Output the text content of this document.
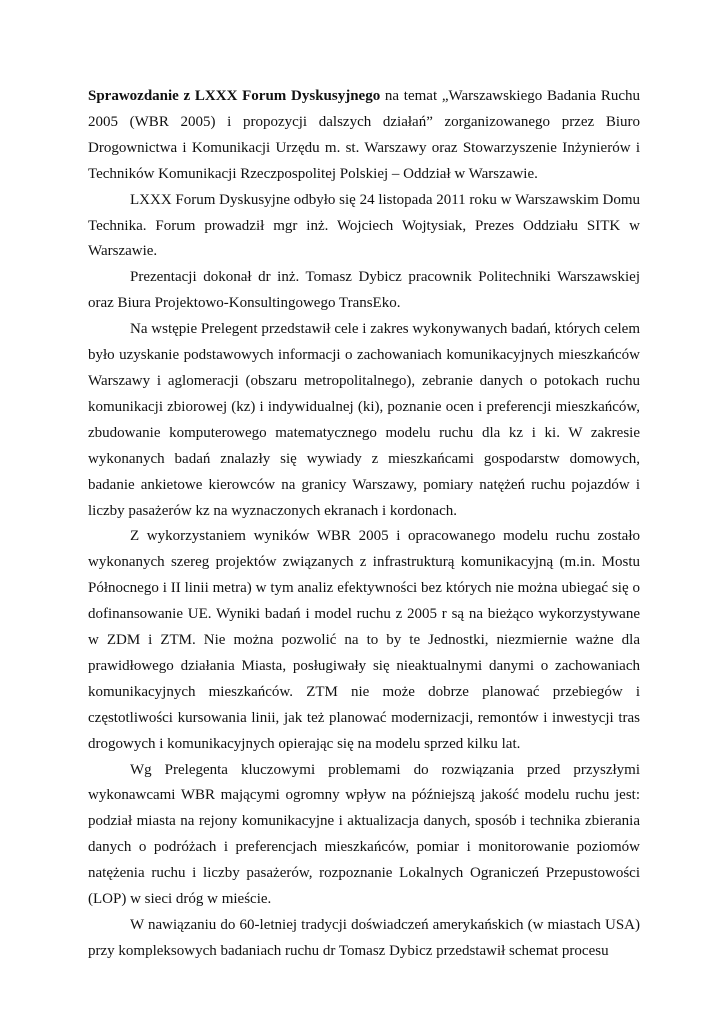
Sprawozdanie z LXXX Forum Dyskusyjnego na temat „Warszawskiego Badania Ruchu 2005 (WBR 2005) i propozycji dalszych działań” zorganizowanego przez Biuro Drogownictwa i Komunikacji Urzędu m. st. Warszawy oraz Stowarzyszenie Inżynierów i Techników Komunikacji Rzeczpospolitej Polskiej – Oddział w Warszawie.

LXXX Forum Dyskusyjne odbyło się 24 listopada 2011 roku w Warszawskim Domu Technika. Forum prowadził mgr inż. Wojciech Wojtysiak, Prezes Oddziału SITK w Warszawie.

Prezentacji dokonał dr inż. Tomasz Dybicz pracownik Politechniki Warszawskiej oraz Biura Projektowo-Konsultingowego TransEko.

Na wstępie Prelegent przedstawił cele i zakres wykonywanych badań, których celem było uzyskanie podstawowych informacji o zachowaniach komunikacyjnych mieszkańców Warszawy i aglomeracji (obszaru metropolitalnego), zebranie danych o potokach ruchu komunikacji zbiorowej (kz) i indywidualnej (ki), poznanie ocen i preferencji mieszkańców, zbudowanie komputerowego matematycznego modelu ruchu dla kz i ki. W zakresie wykonanych badań znalazły się wywiady z mieszkańcami gospodarstw domowych, badanie ankietowe kierowców na granicy Warszawy, pomiary natężeń ruchu pojazdów i liczby pasażerów kz na wyznaczonych ekranach i kordonach.

Z wykorzystaniem wyników WBR 2005 i opracowanego modelu ruchu zostało wykonanych szereg projektów związanych z infrastrukturą komunikacyjną (m.in. Mostu Północnego i II linii metra) w tym analiz efektywności bez których nie można ubiegać się o dofinansowanie UE. Wyniki badań i model ruchu z 2005 r są na bieżąco wykorzystywane w ZDM i ZTM. Nie można pozwolić na to by te Jednostki, niezmiernie ważne dla prawidłowego działania Miasta, posługiwały się nieaktualnymi danymi o zachowaniach komunikacyjnych mieszkańców. ZTM nie może dobrze planować przebiegów i częstotliwości kursowania linii, jak też planować modernizacji, remontów i inwestycji tras drogowych i komunikacyjnych opierając się na modelu sprzed kilku lat.

Wg Prelegenta kluczowymi problemami do rozwiązania przed przyszłymi wykonawcami WBR mającymi ogromny wpływ na późniejszą jakość modelu ruchu jest: podział miasta na rejony komunikacyjne i aktualizacja danych, sposób i technika zbierania danych o podróżach i preferencjach mieszkańców, pomiar i monitorowanie poziomów natężenia ruchu i liczby pasażerów, rozpoznanie Lokalnych Ograniczeń Przepustowości (LOP) w sieci dróg w mieście.

W nawiązaniu do 60-letniej tradycji doświadczeń amerykańskich (w miastach USA) przy kompleksowych badaniach ruchu dr Tomasz Dybicz przedstawił schemat procesu
